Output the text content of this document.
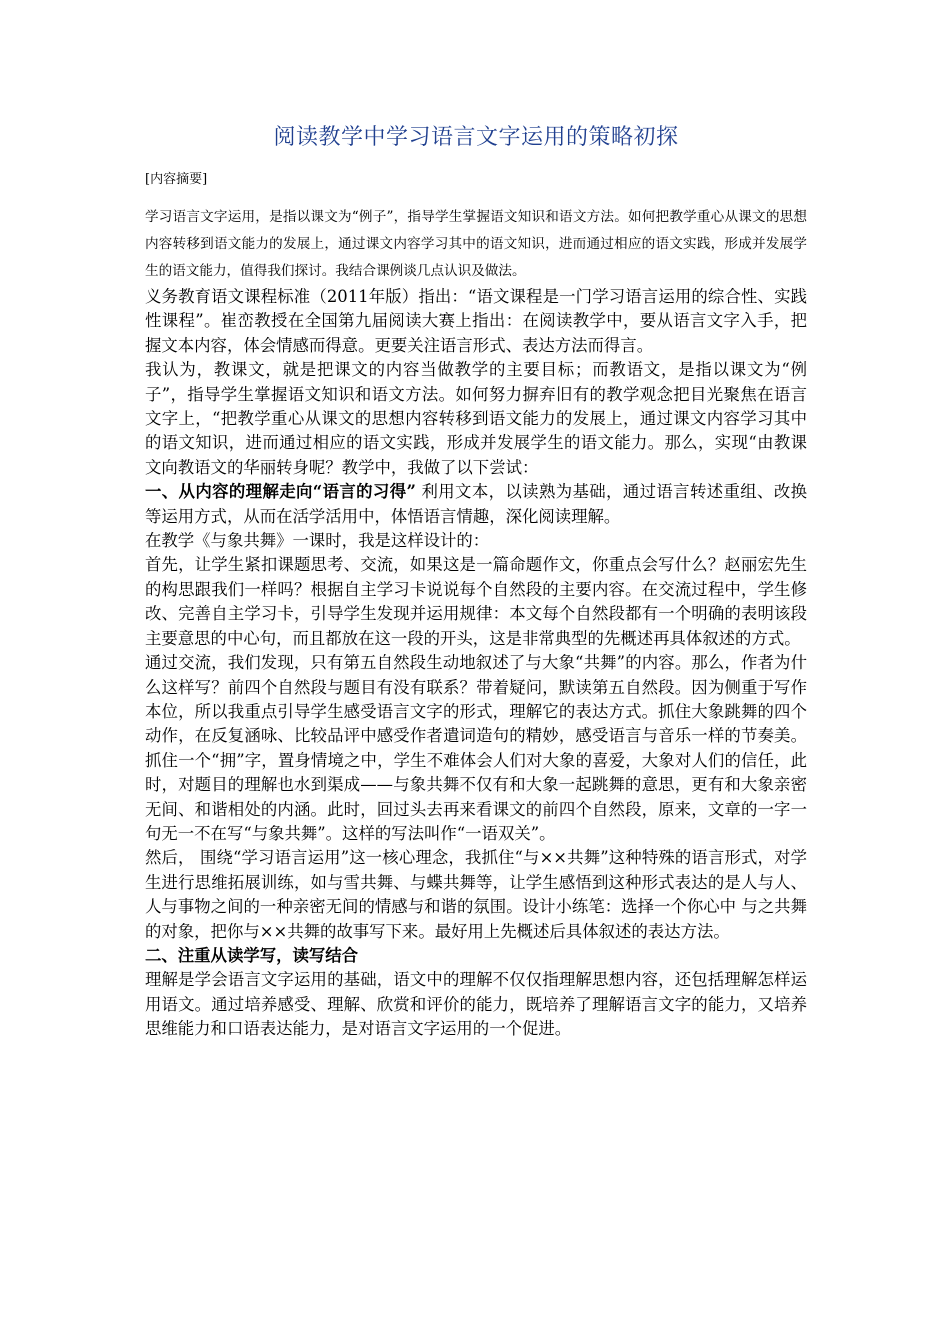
阅读教学中学习语言文字运用的策略初探
[内容摘要]

学习语言文字运用，是指以课文为“例子”，指导学生掌握语文知识和语文方法。如何把教学重心从课文的思想内容转移到语文能力的发展上，通过课文内容学习其中的语文知识，进而通过相应的语文实践，形成并发展学生的语文能力，值得我们探讨。我结合课例谈几点认识及做法。

义务教育语文课程标准（2011年版）指出：“语文课程是一门学习语言运用的综合性、实践性课程”。崔峦教授在全国第九届阅读大赛上指出：在阅读教学中，要从语言文字入手，把握文本内容，体会情感而得意。更要关注语言形式、表达方法而得言。

我认为，教课文，就是把课文的内容当做教学的主要目标；而教语文，是指以课文为“例子”，指导学生掌握语文知识和语文方法。如何努力摒弃旧有的教学观念把目光聚焦在语言文字上，“把教学重心从课文的思想内容转移到语文能力的发展上，通过课文内容学习其中的语文知识，进而通过相应的语文实践，形成并发展学生的语文能力。那么，实现“由教课文向教语文的华丽转身呢？教学中，我做了以下尝试：

一、从内容的理解走向“语言的习得” 利用文本，以读熟为基础，通过语言转述重组、改换等运用方式，从而在活学活用中，体悟语言情趣，深化阅读理解。

在教学《与象共舞》一课时，我是这样设计的：

首先，让学生紧扣课题思考、交流，如果这是一篇命题作文，你重点会写什么？赵丽宏先生的构思跟我们一样吗？根据自主学习卡说说每个自然段的主要内容。在交流过程中，学生修改、完善自主学习卡，引导学生发现并运用规律：本文每个自然段都有一个明确的表明该段主要意思的中心句，而且都放在这一段的开头，这是非常典型的先概述再具体叙述的方式。

通过交流，我们发现，只有第五自然段生动地叙述了与大象“共舞”的内容。那么，作者为什么这样写？前四个自然段与题目有没有联系？带着疑问，默读第五自然段。因为侧重于写作本位，所以我重点引导学生感受语言文字的形式，理解它的表达方式。抓住大象跳舞的四个动作，在反复涵咏、比较品评中感受作者遣词造句的精妙，感受语言与音乐一样的节奏美。抓住一个“拥”字，置身情境之中，学生不难体会人们对大象的喜爱，大象对人们的信任，此时，对题目的理解也水到渠成——与象共舞不仅有和大象一起跳舞的意思，更有和大象亲密无间、和谐相处的内涵。此时，回过头去再来看课文的前四个自然段，原来，文章的一字一句无一不在写“与象共舞”。这样的写法叫作“一语双关”。

然后， 围绕“学习语言运用”这一核心理念，我抓住“与××共舞”这种特殊的语言形式，对学生进行思维拓展训练，如与雪共舞、与蝶共舞等，让学生感悟到这种形式表达的是人与人、人与事物之间的一种亲密无间的情感与和谐的氛围。设计小练笔：选择一个你心中 与之共舞的对象，把你与××共舞的故事写下来。最好用上先概述后具体叙述的表达方法。

二、注重从读学写，读写结合

理解是学会语言文字运用的基础，语文中的理解不仅仅指理解思想内容，还包括理解怎样运用语文。通过培养感受、理解、欣赏和评价的能力，既培养了理解语言文字的能力，又培养思维能力和口语表达能力，是对语言文字运用的一个促进。
